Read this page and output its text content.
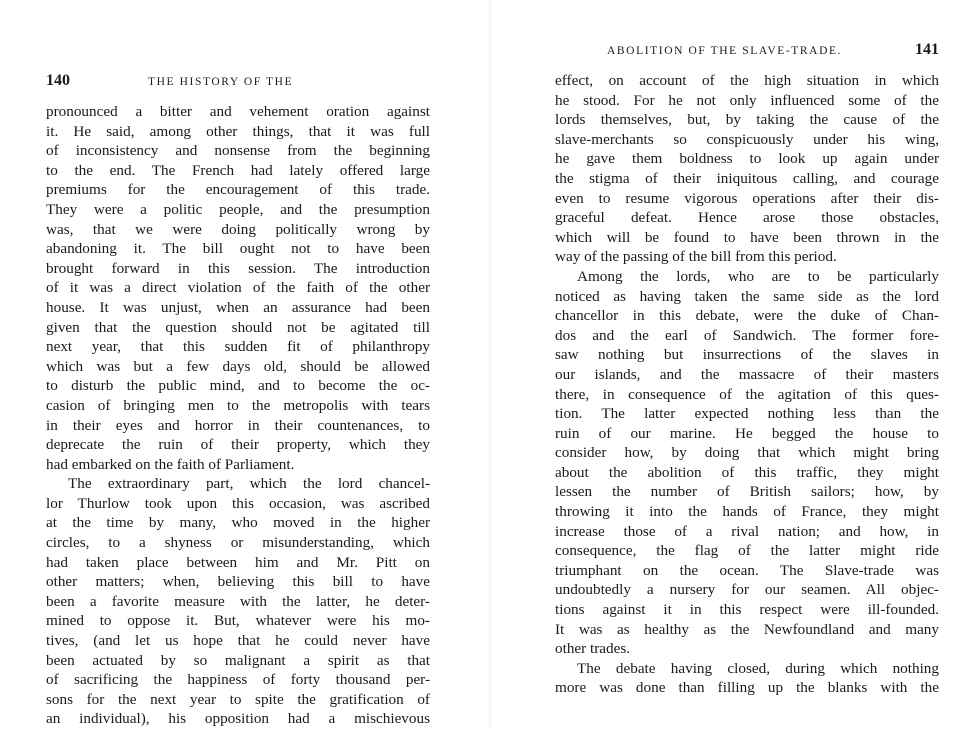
140	THE HISTORY OF THE
pronounced a bitter and vehement oration against
it. He said, among other things, that it was full
of inconsistency and nonsense from the beginning
to the end. The French had lately offered large
premiums for the encouragement of this trade.
They were a politic people, and the presumption
was, that we were doing politically wrong by
abandoning it. The bill ought not to have been
brought forward in this session. The introduction
of it was a direct violation of the faith of the other
house. It was unjust, when an assurance had been
given that the question should not be agitated till
next year, that this sudden fit of philanthropy
which was but a few days old, should be allowed
to disturb the public mind, and to become the oc-
casion of bringing men to the metropolis with tears
in their eyes and horror in their countenances, to
deprecate the ruin of their property, which they
had embarked on the faith of Parliament.
The extraordinary part, which the lord chancel-
lor Thurlow took upon this occasion, was ascribed
at the time by many, who moved in the higher
circles, to a shyness or misunderstanding, which
had taken place between him and Mr. Pitt on
other matters; when, believing this bill to have
been a favorite measure with the latter, he deter-
mined to oppose it. But, whatever were his mo-
tives, (and let us hope that he could never have
been actuated by so malignant a spirit as that
of sacrificing the happiness of forty thousand per-
sons for the next year to spite the gratification of
an individual), his opposition had a mischievous
ABOLITION OF THE SLAVE-TRADE.	141
effect, on account of the high situation in which
he stood. For he not only influenced some of the
lords themselves, but, by taking the cause of the
slave-merchants so conspicuously under his wing,
he gave them boldness to look up again under
the stigma of their iniquitous calling, and courage
even to resume vigorous operations after their dis-
graceful defeat. Hence arose those obstacles,
which will be found to have been thrown in the
way of the passing of the bill from this period.
Among the lords, who are to be particularly
noticed as having taken the same side as the lord
chancellor in this debate, were the duke of Chan-
dos and the earl of Sandwich. The former fore-
saw nothing but insurrections of the slaves in
our islands, and the massacre of their masters
there, in consequence of the agitation of this ques-
tion. The latter expected nothing less than the
ruin of our marine. He begged the house to
consider how, by doing that which might bring
about the abolition of this traffic, they might
lessen the number of British sailors; how, by
throwing it into the hands of France, they might
increase those of a rival nation; and how, in
consequence, the flag of the latter might ride
triumphant on the ocean. The Slave-trade was
undoubtedly a nursery for our seamen. All objec-
tions against it in this respect were ill-founded.
It was as healthy as the Newfoundland and many
other trades.
The debate having closed, during which nothing
more was done than filling up the blanks with the
